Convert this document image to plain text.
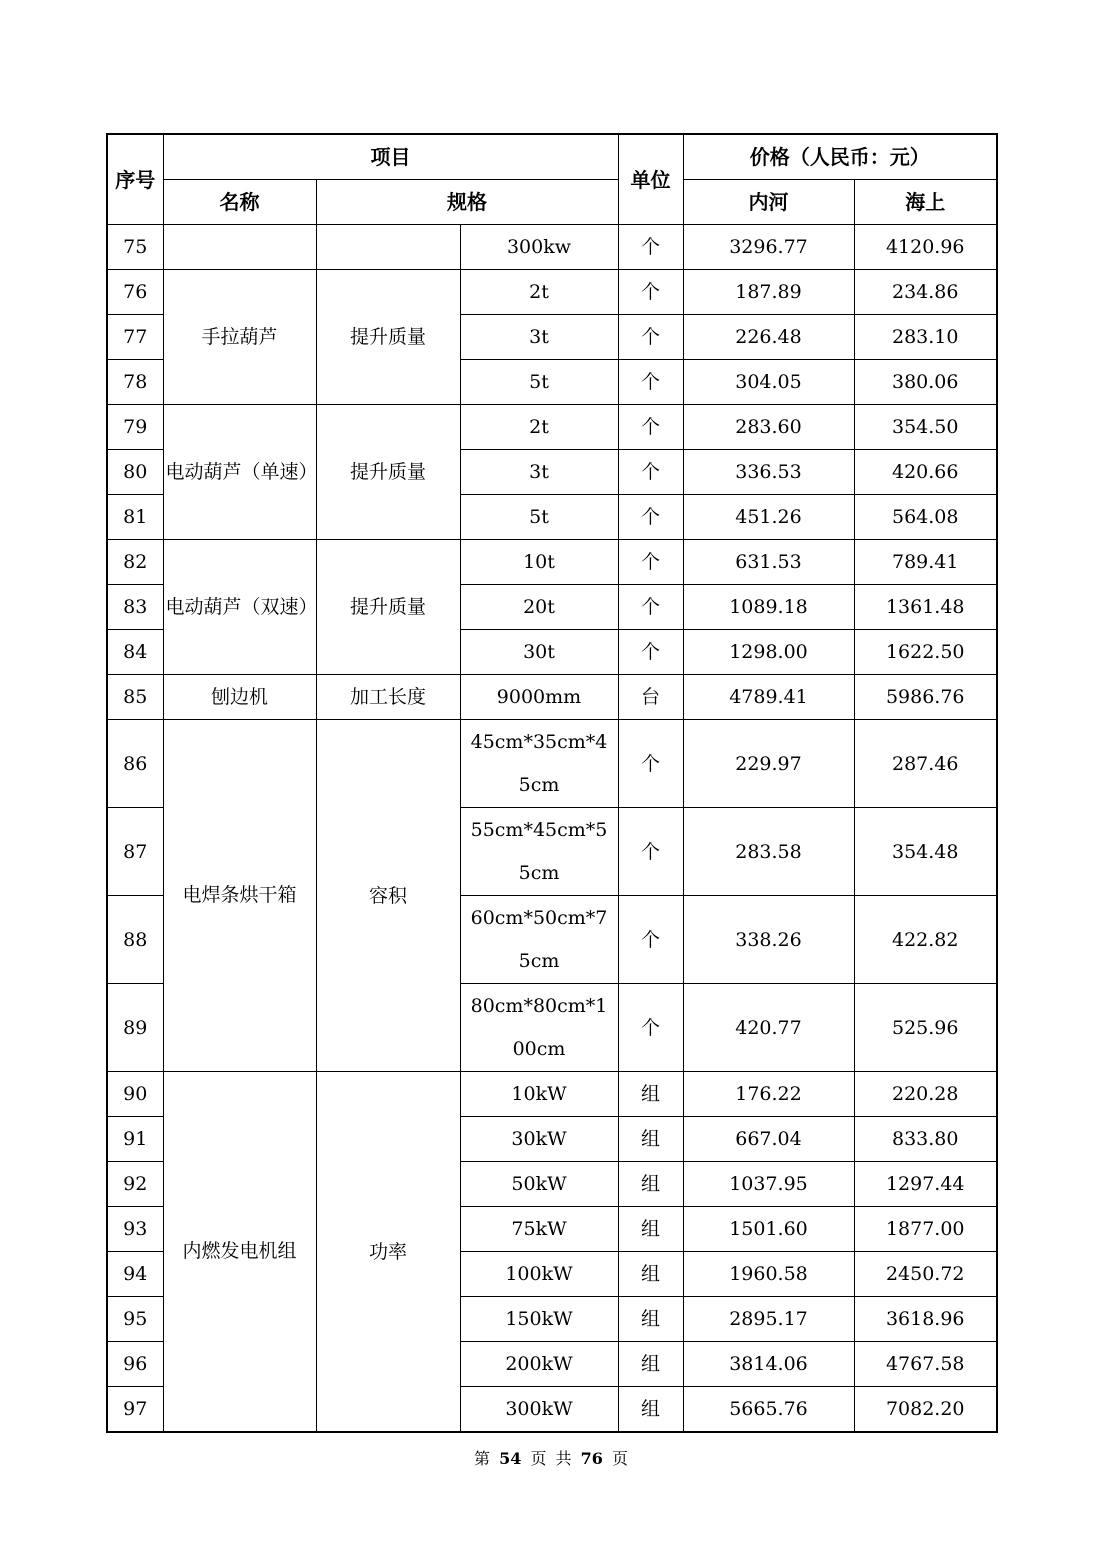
序号	项目			单位	价格（人民币：元）	
	名称	规格			内河	海上
75			300kw	个	3296.77	4120.96
76	手拉葫芦	提升质量	2t	个	187.89	234.86
77			3t	个	226.48	283.10
78			5t	个	304.05	380.06
79	电动葫芦（单速）	提升质量	2t	个	283.60	354.50
80			3t	个	336.53	420.66
81			5t	个	451.26	564.08
82	电动葫芦（双速）	提升质量	10t	个	631.53	789.41
83			20t	个	1089.18	1361.48
84			30t	个	1298.00	1622.50
85	刨边机	加工长度	9000mm	台	4789.41	5986.76
86	电焊条烘干箱	容积	45cm*35cm*45cm	个	229.97	287.46
87			55cm*45cm*55cm	个	283.58	354.48
88			60cm*50cm*75cm	个	338.26	422.82
89			80cm*80cm*100cm	个	420.77	525.96
90	内燃发电机组	功率	10kW	组	176.22	220.28
91			30kW	组	667.04	833.80
92			50kW	组	1037.95	1297.44
93			75kW	组	1501.60	1877.00
94			100kW	组	1960.58	2450.72
95			150kW	组	2895.17	3618.96
96			200kW	组	3814.06	4767.58
97			300kW	组	5665.76	7082.20
第 54 页 共 76 页
